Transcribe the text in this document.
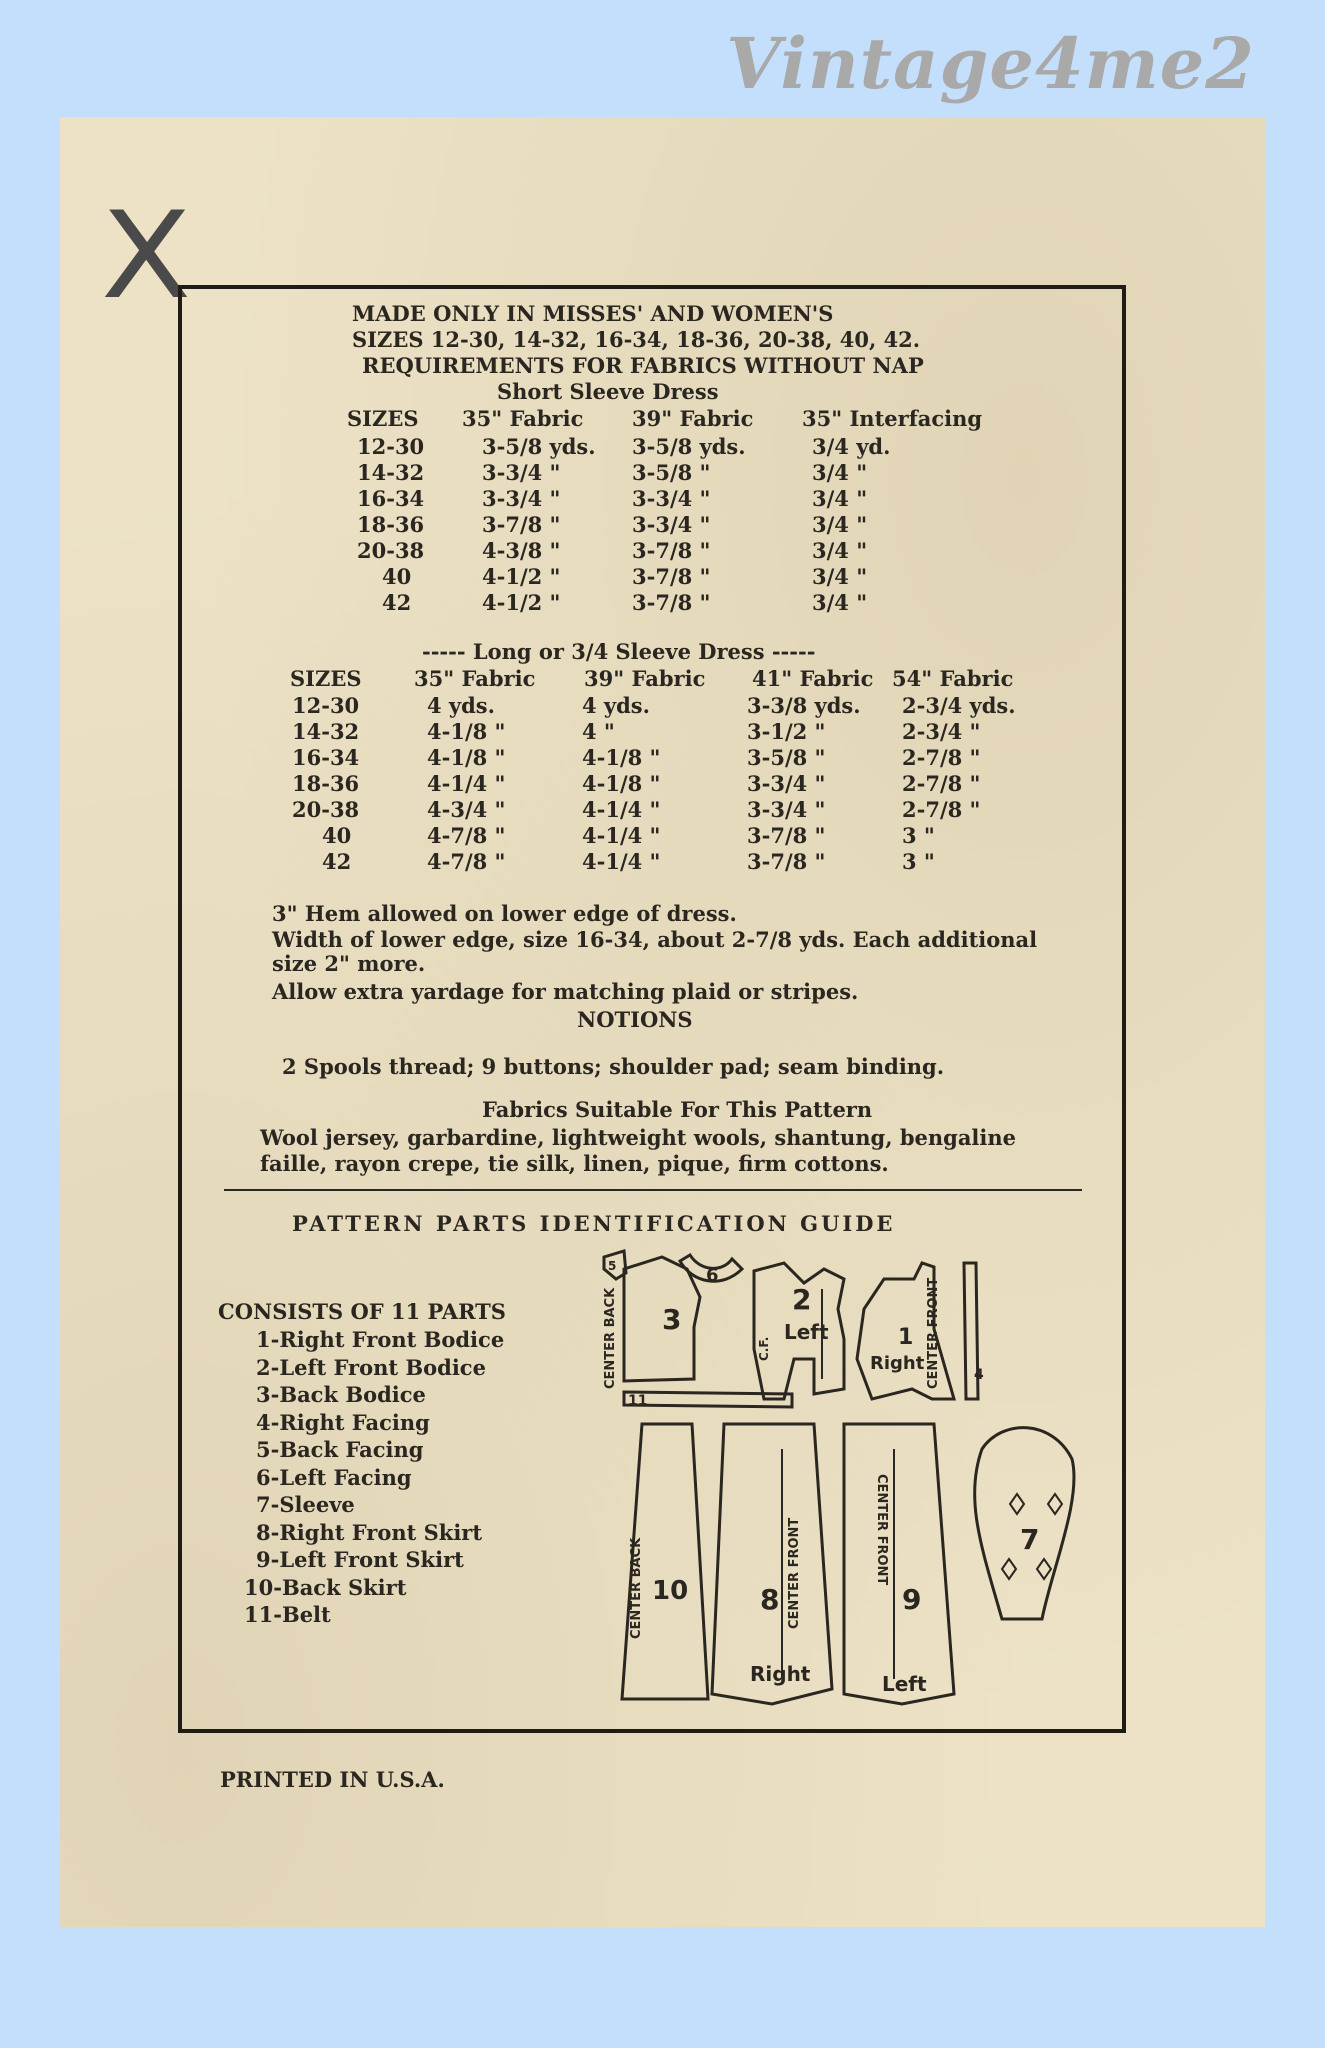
Vintage4me2
X	MADE ONLY IN MISSES' AND WOMEN'S
SIZES 12-30, 14-32, 16-34, 18-36, 20-38, 40, 42.
REQUIREMENTS FOR FABRICS WITHOUT NAP
Short Sleeve Dress
SIZES 35" Fabric 39" Fabric 35" Interfacing
12-30	3-5/8 yds. 3-5/8 yds.	3/4 yd.
14-32	3-3/4 "	3-5/8 "	3/4 "
16-34	3-3/4 "	3-3/4 "	3/4 "
18-36	3-7/8 "	3-3/4 "	3/4 "
20-38	4-3/8 "	3-7/8 "	3/4 "
40	4-1/2 "	3-7/8 "	3/4 "
42	4-1/2 "	3-7/8 "	3/4 "
----- Long or 3/4 Sleeve Dress -----
SIZES	35" Fabric 39" Fabric 41" Fabric 54" Fabric
12-30	4 yds.	4 yds.	3-3/8 yds. 2-3/4 yds.
14-32	4-1/8 "	4 "	3-1/2 "	2-3/4 "
16-34	4-1/8 "	4-1/8 "	3-5/8 "	2-7/8 "
18-36	4-1/4 "	4-1/8 "	3-3/4 "	2-7/8 "
20-38	4-3/4 "	4-1/4 "	3-3/4 "	2-7/8 "
40	4-7/8 "	4-1/4 "	3-7/8 "	3 "
42	4-7/8 "	4-1/4 "	3-7/8 "	3 "
3" Hem allowed on lower edge of dress.
Width of lower edge, size 16-34, about 2-7/8 yds. Each additional
size 2" more.
Allow extra yardage for matching plaid or stripes.
NOTIONS
2 Spools thread; 9 buttons; shoulder pad; seam binding.
Fabrics Suitable For This Pattern
Wool jersey, garbardine, lightweight wools, shantung, bengaline
faille, rayon crepe, tie silk, linen, pique, firm cottons.
PATTERN PARTS IDENTIFICATION GUIDE
CONSISTS OF 11 PARTS
1-Right Front Bodice
2-Left Front Bodice
3-Back Bodice
4-Right Facing
5-Back Facing
6-Left Facing
7-Sleeve
8-Right Front Skirt
9-Left Front Skirt
10-Back Skirt
11-Belt
3
6
5
11
2
Left
C.F.	1
Right CENTER FRONT 4
CENTER BACK
10
CENTER BACK	8 CENTER FRONT
Right
CENTER FRONT
9
Left
7
PRINTED IN U.S.A.
